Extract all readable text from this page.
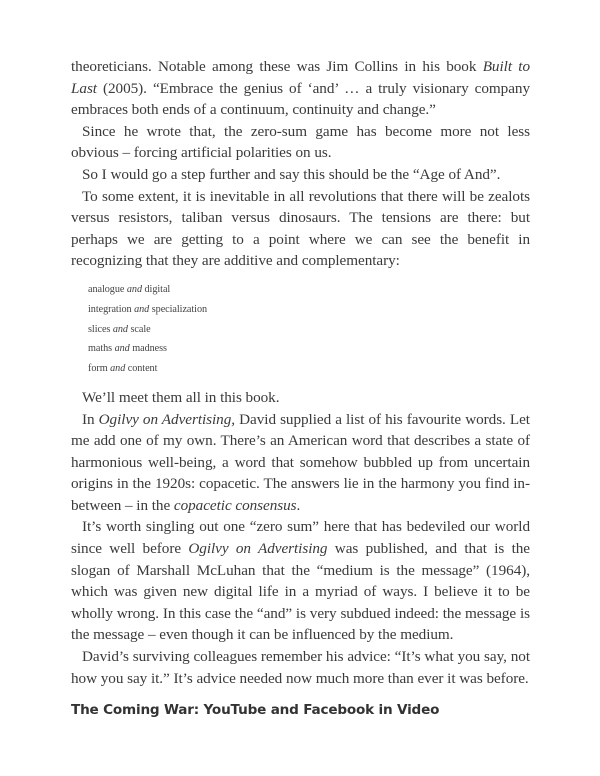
theoreticians. Notable among these was Jim Collins in his book Built to Last (2005). “Embrace the genius of ‘and’ … a truly visionary company embraces both ends of a continuum, continuity and change.”

Since he wrote that, the zero-sum game has become more not less obvious – forcing artificial polarities on us.

So I would go a step further and say this should be the “Age of And”.

To some extent, it is inevitable in all revolutions that there will be zealots versus resistors, taliban versus dinosaurs. The tensions are there: but perhaps we are getting to a point where we can see the benefit in recognizing that they are additive and complementary:

analogue and digital
integration and specialization
slices and scale
maths and madness
form and content

We’ll meet them all in this book.

In Ogilvy on Advertising, David supplied a list of his favourite words. Let me add one of my own. There’s an American word that describes a state of harmonious well-being, a word that somehow bubbled up from uncertain origins in the 1920s: copacetic. The answers lie in the harmony you find in-between – in the copacetic consensus.

It’s worth singling out one “zero sum” here that has bedeviled our world since well before Ogilvy on Advertising was published, and that is the slogan of Marshall McLuhan that the “medium is the message” (1964), which was given new digital life in a myriad of ways. I believe it to be wholly wrong. In this case the “and” is very subdued indeed: the message is the message – even though it can be influenced by the medium.

David’s surviving colleagues remember his advice: “It’s what you say, not how you say it.” It’s advice needed now much more than ever it was before.

The Coming War: YouTube and Facebook in Video
